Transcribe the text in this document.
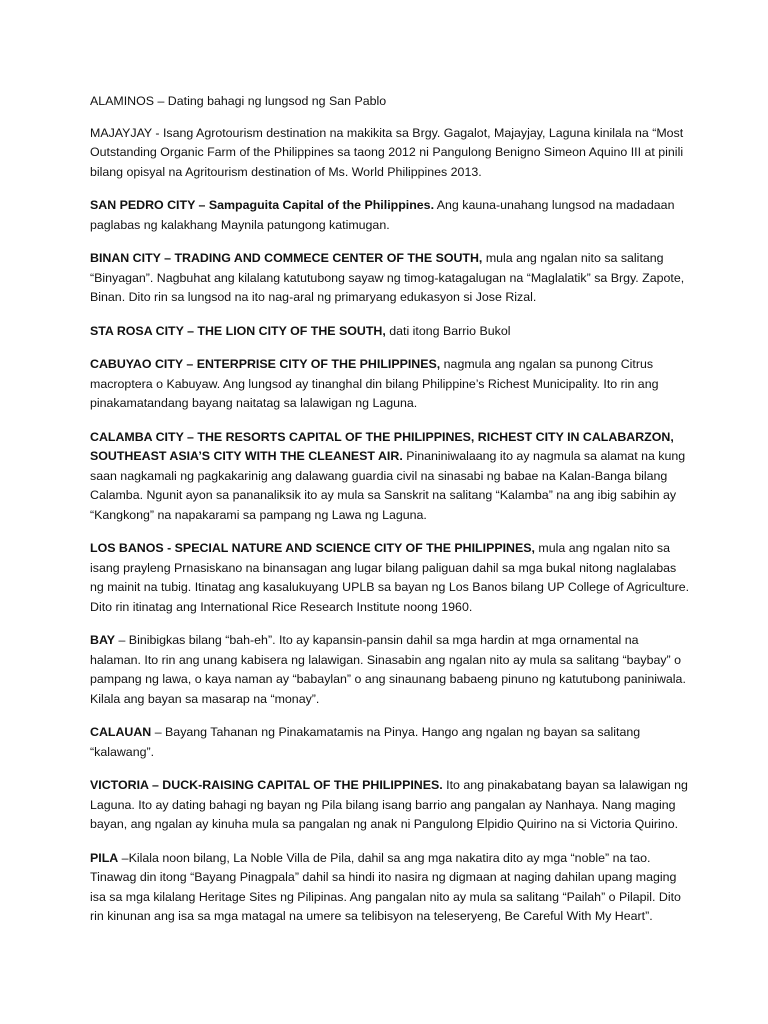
ALAMINOS – Dating bahagi ng lungsod ng San Pablo

MAJAYJAY - Isang Agrotourism destination na makikita sa Brgy. Gagalot, Majayjay, Laguna kinilala na “Most Outstanding Organic Farm of the Philippines sa taong 2012 ni Pangulong Benigno Simeon Aquino III at pinili bilang opisyal na Agritourism destination of Ms. World Philippines 2013.

SAN PEDRO CITY – Sampaguita Capital of the Philippines. Ang kauna-unahang lungsod na madadaan paglabas ng kalakhang Maynila patungong katimugan.

BINAN CITY – TRADING AND COMMECE CENTER OF THE SOUTH, mula ang ngalan nito sa salitang “Binyagan”. Nagbuhat ang kilalang katutubong sayaw ng timog-katagalugan na “Maglalatik” sa Brgy. Zapote, Binan. Dito rin sa lungsod na ito nag-aral ng primaryang edukasyon si Jose Rizal.

STA ROSA CITY – THE LION CITY OF THE SOUTH, dati itong Barrio Bukol

CABUYAO CITY – ENTERPRISE CITY OF THE PHILIPPINES, nagmula ang ngalan sa punong Citrus macroptera o Kabuyaw. Ang lungsod ay tinanghal din bilang Philippine’s Richest Municipality. Ito rin ang pinakamatandang bayang naitatag sa lalawigan ng Laguna.

CALAMBA CITY – THE RESORTS CAPITAL OF THE PHILIPPINES, RICHEST CITY IN CALABARZON, SOUTHEAST ASIA’S CITY WITH THE CLEANEST AIR. Pinaniniwalaang ito ay nagmula sa alamat na kung saan nagkamali ng pagkakarinig ang dalawang guardia civil na sinasabi ng babae na Kalan-Banga bilang Calamba. Ngunit ayon sa pananaliksik ito ay mula sa Sanskrit na salitang “Kalamba” na ang ibig sabihin ay “Kangkong” na napakarami sa pampang ng Lawa ng Laguna.

LOS BANOS - SPECIAL NATURE AND SCIENCE CITY OF THE PHILIPPINES, mula ang ngalan nito sa isang prayleng Prnasiskano na binansagan ang lugar bilang paliguan dahil sa mga bukal nitong naglalabas ng mainit na tubig. Itinatag ang kasalukuyang UPLB sa bayan ng Los Banos bilang UP College of Agriculture. Dito rin itinatag ang International Rice Research Institute noong 1960.

BAY – Binibigkas bilang “bah-eh”. Ito ay kapansin-pansin dahil sa mga hardin at mga ornamental na halaman. Ito rin ang unang kabisera ng lalawigan. Sinasabin ang ngalan nito ay mula sa salitang “baybay” o pampang ng lawa, o kaya naman ay “babaylan” o ang sinaunang babaeng pinuno ng katutubong paniniwala. Kilala ang bayan sa masarap na “monay”.

CALAUAN – Bayang Tahanan ng Pinakamatamis na Pinya. Hango ang ngalan ng bayan sa salitang “kalawang”.

VICTORIA – DUCK-RAISING CAPITAL OF THE PHILIPPINES. Ito ang pinakabatang bayan sa lalawigan ng Laguna. Ito ay dating bahagi ng bayan ng Pila bilang isang barrio ang pangalan ay Nanhaya. Nang maging bayan, ang ngalan ay kinuha mula sa pangalan ng anak ni Pangulong Elpidio Quirino na si Victoria Quirino.

PILA –Kilala noon bilang, La Noble Villa de Pila, dahil sa ang mga nakatira dito ay mga “noble” na tao. Tinawag din itong “Bayang Pinagpala” dahil sa hindi ito nasira ng digmaan at naging dahilan upang maging isa sa mga kilalang Heritage Sites ng Pilipinas. Ang pangalan nito ay mula sa salitang “Pailah” o Pilapil. Dito rin kinunan ang isa sa mga matagal na umere sa telibisyon na teleseryeng, Be Careful With My Heart”.
